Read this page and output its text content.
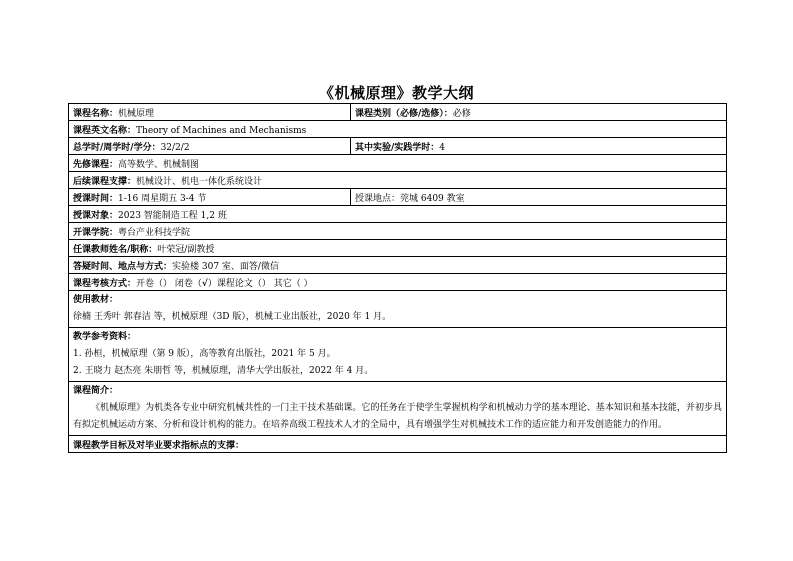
《机械原理》教学大纲
课程名称：机械原理	课程类别（必修/选修）：必修
课程英文名称：Theory of Machines and Mechanisms	
总学时/周学时/学分：32/2/2	其中实验/实践学时：4
先修课程：高等数学、机械制图	
后续课程支撑：机械设计、机电一体化系统设计	
授课时间：1-16 周星期五 3-4 节	授课地点：莞城 6409 教室
授课对象：2023 智能制造工程 1,2 班	
开课学院：粤台产业科技学院	
任课教师姓名/职称：叶荣冠/副教授	
答疑时间、地点与方式：实验楼 307 室、面答/微信	
课程考核方式：开卷（） 闭卷（√）课程论文（） 其它（ ）	

使用教材：
徐楠 王秀叶 郭春洁 等，机械原理（3D 版），机械工业出版社，2020 年 1 月。	

教学参考资料：
1. 孙桓，机械原理（第 9 版），高等教育出版社，2021 年 5 月。
2. 王晓力 赵杰亮 朱朋哲 等，机械原理，清华大学出版社，2022 年 4 月。	

课程简介：
《机械原理》为机类各专业中研究机械共性的一门主干技术基础课。它的任务在于使学生掌握机构学和机械动力学的基本理论、基本知识和基本技能，并初步具有拟定机械运动方案、分析和设计机构的能力。在培养高级工程技术人才的全局中，具有增强学生对机械技术工作的适应能力和开发创造能力的作用。	

课程教学目标及对毕业要求指标点的支撑：	
